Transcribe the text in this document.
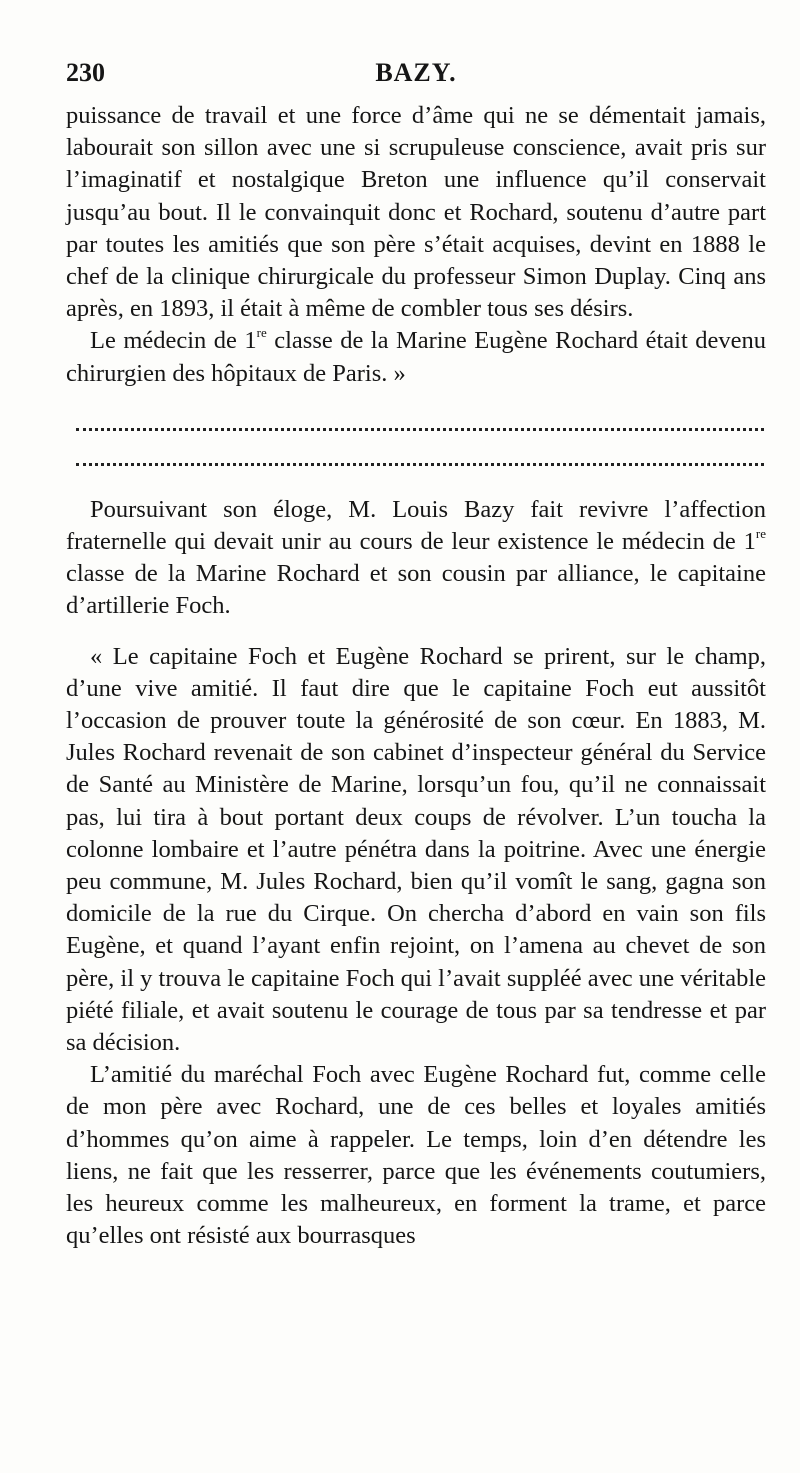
230	BAZY.

puissance de travail et une force d’âme qui ne se démentait jamais, labourait son sillon avec une si scrupuleuse conscience, avait pris sur l’imaginatif et nostalgique Breton une influence qu’il conservait jusqu’au bout. Il le convainquit donc et Rochard, soutenu d’autre part par toutes les amitiés que son père s’était acquises, devint en 1888 le chef de la clinique chirurgicale du professeur Simon Duplay. Cinq ans après, en 1893, il était à même de combler tous ses désirs.

Le médecin de 1re classe de la Marine Eugène Rochard était devenu chirurgien des hôpitaux de Paris. »

Poursuivant son éloge, M. Louis Bazy fait revivre l’affection fraternelle qui devait unir au cours de leur existence le médecin de 1re classe de la Marine Rochard et son cousin par alliance, le capitaine d’artillerie Foch.

« Le capitaine Foch et Eugène Rochard se prirent, sur le champ, d’une vive amitié. Il faut dire que le capitaine Foch eut aussitôt l’occasion de prouver toute la générosité de son cœur. En 1883, M. Jules Rochard revenait de son cabinet d’inspecteur général du Service de Santé au Ministère de Marine, lorsqu’un fou, qu’il ne connaissait pas, lui tira à bout portant deux coups de révolver. L’un toucha la colonne lombaire et l’autre pénétra dans la poitrine. Avec une énergie peu commune, M. Jules Rochard, bien qu’il vomît le sang, gagna son domicile de la rue du Cirque. On chercha d’abord en vain son fils Eugène, et quand l’ayant enfin rejoint, on l’amena au chevet de son père, il y trouva le capitaine Foch qui l’avait suppléé avec une véritable piété filiale, et avait soutenu le courage de tous par sa tendresse et par sa décision.

L’amitié du maréchal Foch avec Eugène Rochard fut, comme celle de mon père avec Rochard, une de ces belles et loyales amitiés d’hommes qu’on aime à rappeler. Le temps, loin d’en détendre les liens, ne fait que les resserrer, parce que les événements coutumiers, les heureux comme les malheureux, en forment la trame, et parce qu’elles ont résisté aux bourrasques
